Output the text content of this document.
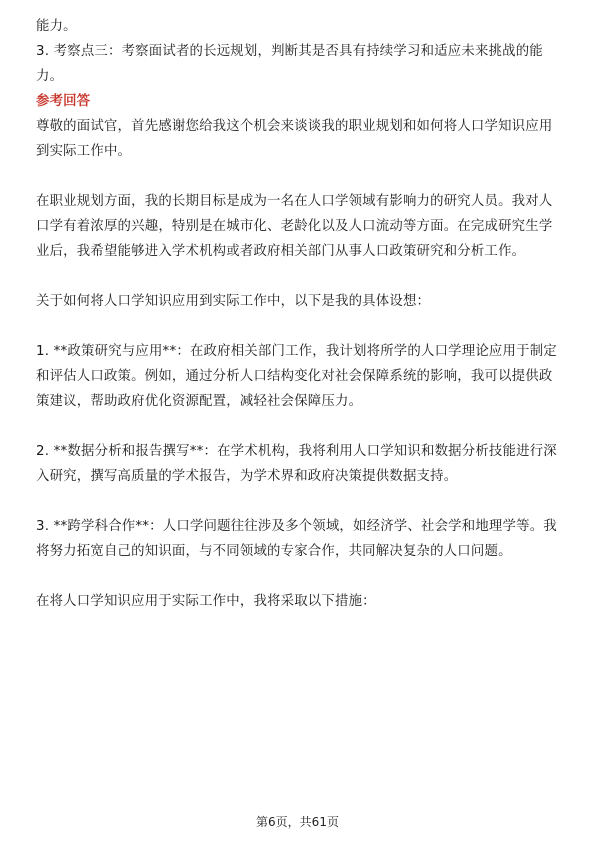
能力。

3. 考察点三：考察面试者的长远规划，判断其是否具有持续学习和适应未来挑战的能力。

参考回答

尊敬的面试官，首先感谢您给我这个机会来谈谈我的职业规划和如何将人口学知识应用到实际工作中。

在职业规划方面，我的长期目标是成为一名在人口学领域有影响力的研究人员。我对人口学有着浓厚的兴趣，特别是在城市化、老龄化以及人口流动等方面。在完成研究生学业后，我希望能够进入学术机构或者政府相关部门从事人口政策研究和分析工作。

关于如何将人口学知识应用到实际工作中，以下是我的具体设想：

1. **政策研究与应用**：在政府相关部门工作，我计划将所学的人口学理论应用于制定和评估人口政策。例如，通过分析人口结构变化对社会保障系统的影响，我可以提供政策建议，帮助政府优化资源配置，减轻社会保障压力。

2. **数据分析和报告撰写**：在学术机构，我将利用人口学知识和数据分析技能进行深入研究，撰写高质量的学术报告，为学术界和政府决策提供数据支持。

3. **跨学科合作**：人口学问题往往涉及多个领域，如经济学、社会学和地理学等。我将努力拓宽自己的知识面，与不同领域的专家合作，共同解决复杂的人口问题。

在将人口学知识应用于实际工作中，我将采取以下措施：

第6页，共61页
